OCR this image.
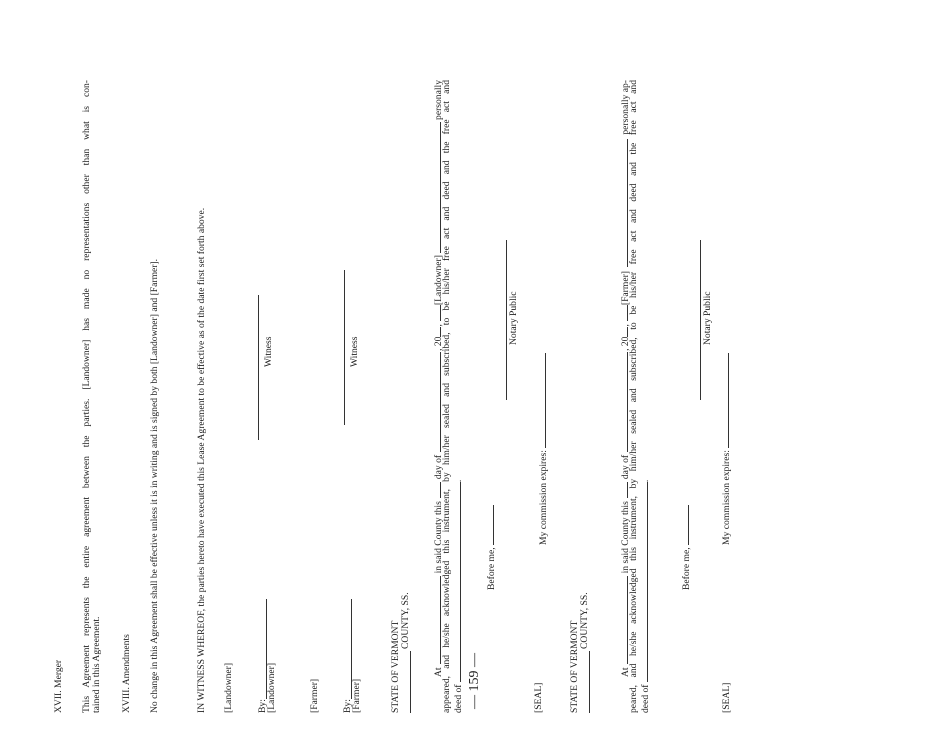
XVII. Merger This Agreement represents the entire agreement between the parties. [Landowner] has made no representations other than what is con- tained in this Agreement. XVIII. Amendments No change in this Agreement shall be effective unless it is in writing and is signed by both [Landowner] and [Farmer].	IN WITNESS WHEREOF, the parties hereto have executed this Lease Agreement to be effective as of the date first set forth above. [Landowner] By:
[Landowner]
Witness
[Farmer] By:
[Farmer]
Witness
STATE OF VERMONT COUNTY, SS.
At
in said County this
day of
, 20
,
[Landowner]
personally
appeared, and he/she acknowledged this instrument, by him/her sealed and subscribed, to be his/her free act and deed and the free act and deed of .
Before me,
Notary Public
[SEAL]
My commission expires:
— 159 —	STATE OF VERMONT COUNTY, SS.
At
in said County this
day of
, 20
,
[Farmer]
personally ap-
peared, and he/she acknowledged this instrument, by him/her sealed and subscribed, to be his/her free act and deed and the free act and deed of .
Before me,
Notary Public
[SEAL]
My commission expires:
